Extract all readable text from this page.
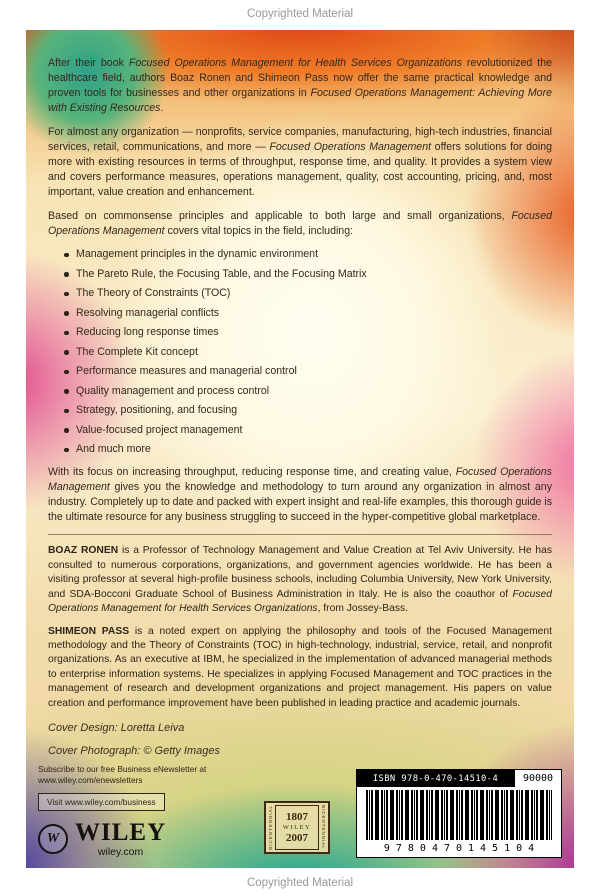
Copyrighted Material

After their book Focused Operations Management for Health Services Organizations revolutionized the healthcare field, authors Boaz Ronen and Shimeon Pass now offer the same practical knowledge and proven tools for businesses and other organizations in Focused Operations Management: Achieving More with Existing Resources.

For almost any organization — nonprofits, service companies, manufacturing, high-tech industries, financial services, retail, communications, and more — Focused Operations Management offers solutions for doing more with existing resources in terms of throughput, response time, and quality. It provides a system view and covers performance measures, operations management, quality, cost accounting, pricing, and, most important, value creation and enhancement.

Based on commonsense principles and applicable to both large and small organizations, Focused Operations Management covers vital topics in the field, including:

Management principles in the dynamic environment
The Pareto Rule, the Focusing Table, and the Focusing Matrix
The Theory of Constraints (TOC)
Resolving managerial conflicts
Reducing long response times
The Complete Kit concept
Performance measures and managerial control
Quality management and process control
Strategy, positioning, and focusing
Value-focused project management
And much more

With its focus on increasing throughput, reducing response time, and creating value, Focused Operations Management gives you the knowledge and methodology to turn around any organization in almost any industry. Completely up to date and packed with expert insight and real-life examples, this thorough guide is the ultimate resource for any business struggling to succeed in the hyper-competitive global marketplace.

BOAZ RONEN is a Professor of Technology Management and Value Creation at Tel Aviv University. He has consulted to numerous corporations, organizations, and government agencies worldwide. He has been a visiting professor at several high-profile business schools, including Columbia University, New York University, and SDA-Bocconi Graduate School of Business Administration in Italy. He is also the coauthor of Focused Operations Management for Health Services Organizations, from Jossey-Bass.

SHIMEON PASS is a noted expert on applying the philosophy and tools of the Focused Management methodology and the Theory of Constraints (TOC) in high-technology, industrial, service, retail, and nonprofit organizations. As an executive at IBM, he specialized in the implementation of advanced managerial methods to enterprise information systems. He specializes in applying Focused Management and TOC practices in the management of research and development organizations and project management. His papers on value creation and performance improvement have been published in leading practice and academic journals.

Cover Design: Loretta Leiva

Cover Photograph: © Getty Images

Subscribe to our free Business eNewsletter at
www.wiley.com/enewsletters
Visit www.wiley.com/business
W WILEY
wiley.com
BICENTENNIAL 1807
WILEY
2007	BICENTENNIAL
ISBN 978-0-470-14510-4	90000
9780470145104
Copyrighted Material
